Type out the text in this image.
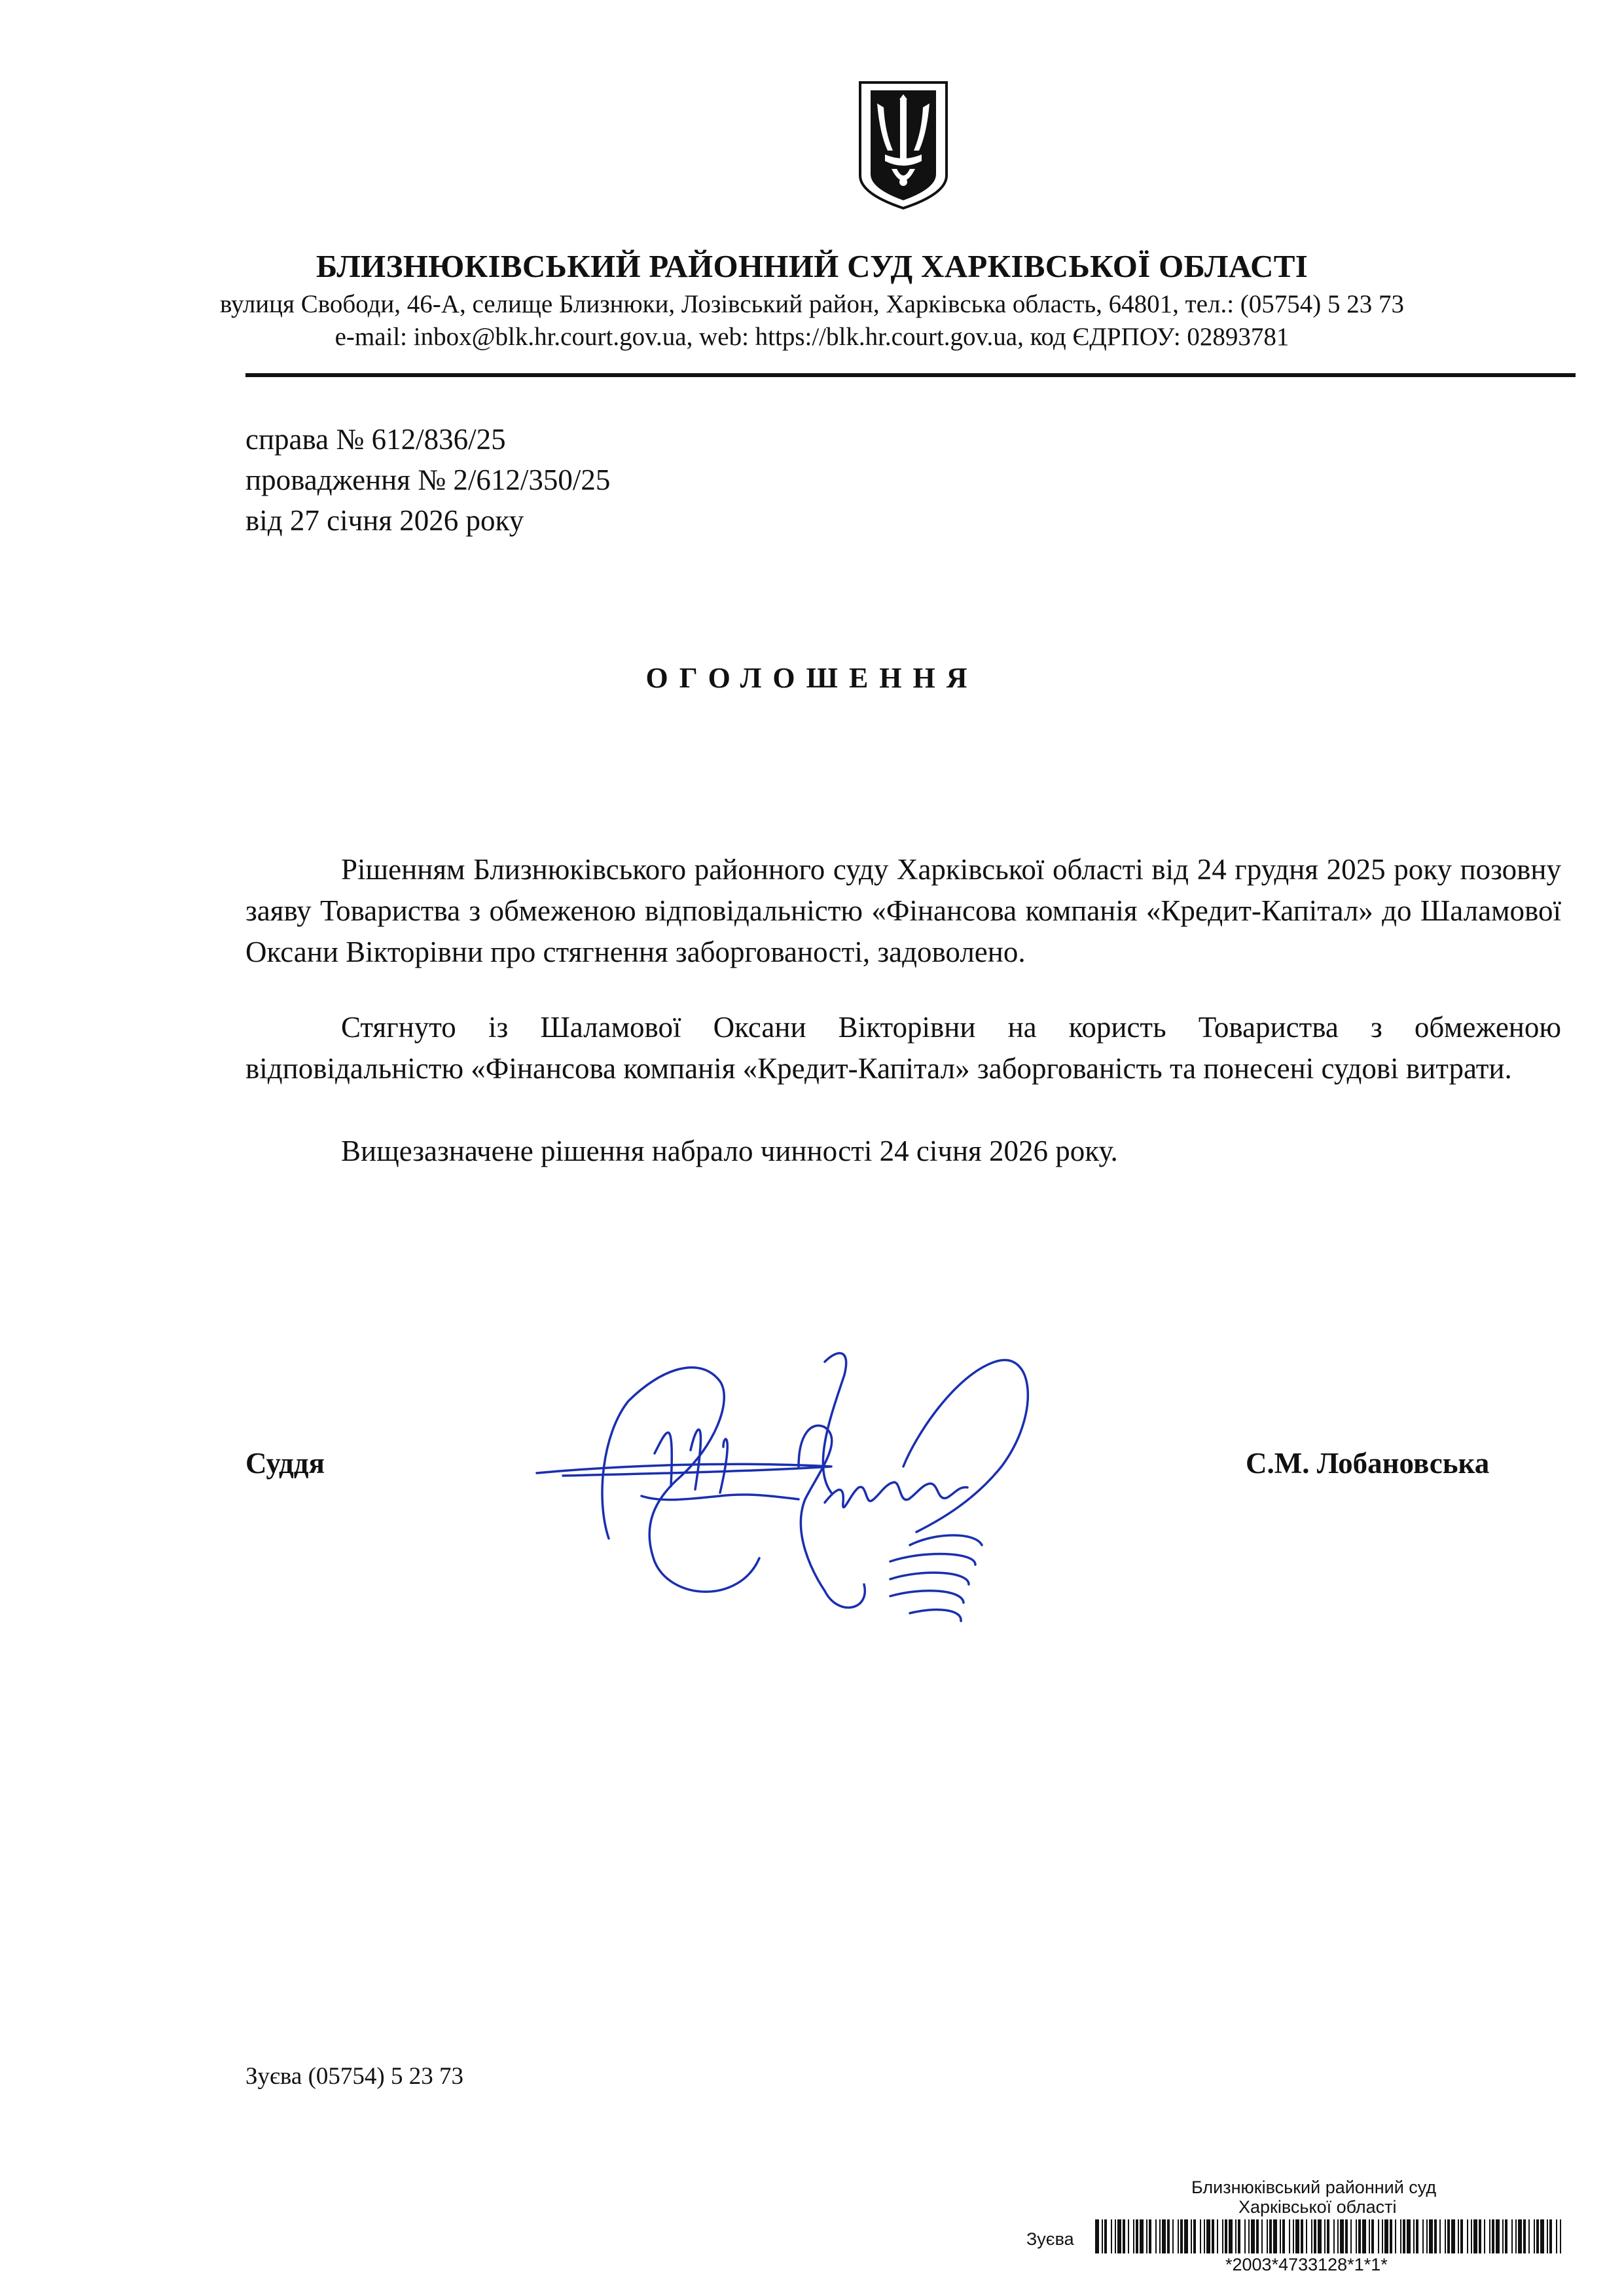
БЛИЗНЮКІВСЬКИЙ РАЙОННИЙ СУД ХАРКІВСЬКОЇ ОБЛАСТІ
вулиця Свободи, 46-А, селище Близнюки, Лозівський район, Харківська область, 64801, тел.: (05754) 5 23 73
e-mail: inbox@blk.hr.court.gov.ua, web: https://blk.hr.court.gov.ua, код ЄДРПОУ: 02893781
справа № 612/836/25
провадження № 2/612/350/25
від 27 січня 2026 року
ОГОЛОШЕННЯ

Рішенням Близнюківського районного суду Харківської області від 24 грудня 2025 року позовну заяву Товариства з обмеженою відповідальністю «Фінансова компанія «Кредит-Капітал» до Шаламової Оксани Вікторівни про стягнення заборгованості, задоволено.

Стягнуто із Шаламової Оксани Вікторівни на користь Товариства з обмеженою відповідальністю «Фінансова компанія «Кредит-Капітал» заборгованість та понесені судові витрати.

Вищезазначене рішення набрало чинності 24 січня 2026 року.

Суддя	С.М. Лобановська
Зуєва (05754) 5 23 73
Близнюківський районний суд
Харківської області
Зуєва
*2003*4733128*1*1*
